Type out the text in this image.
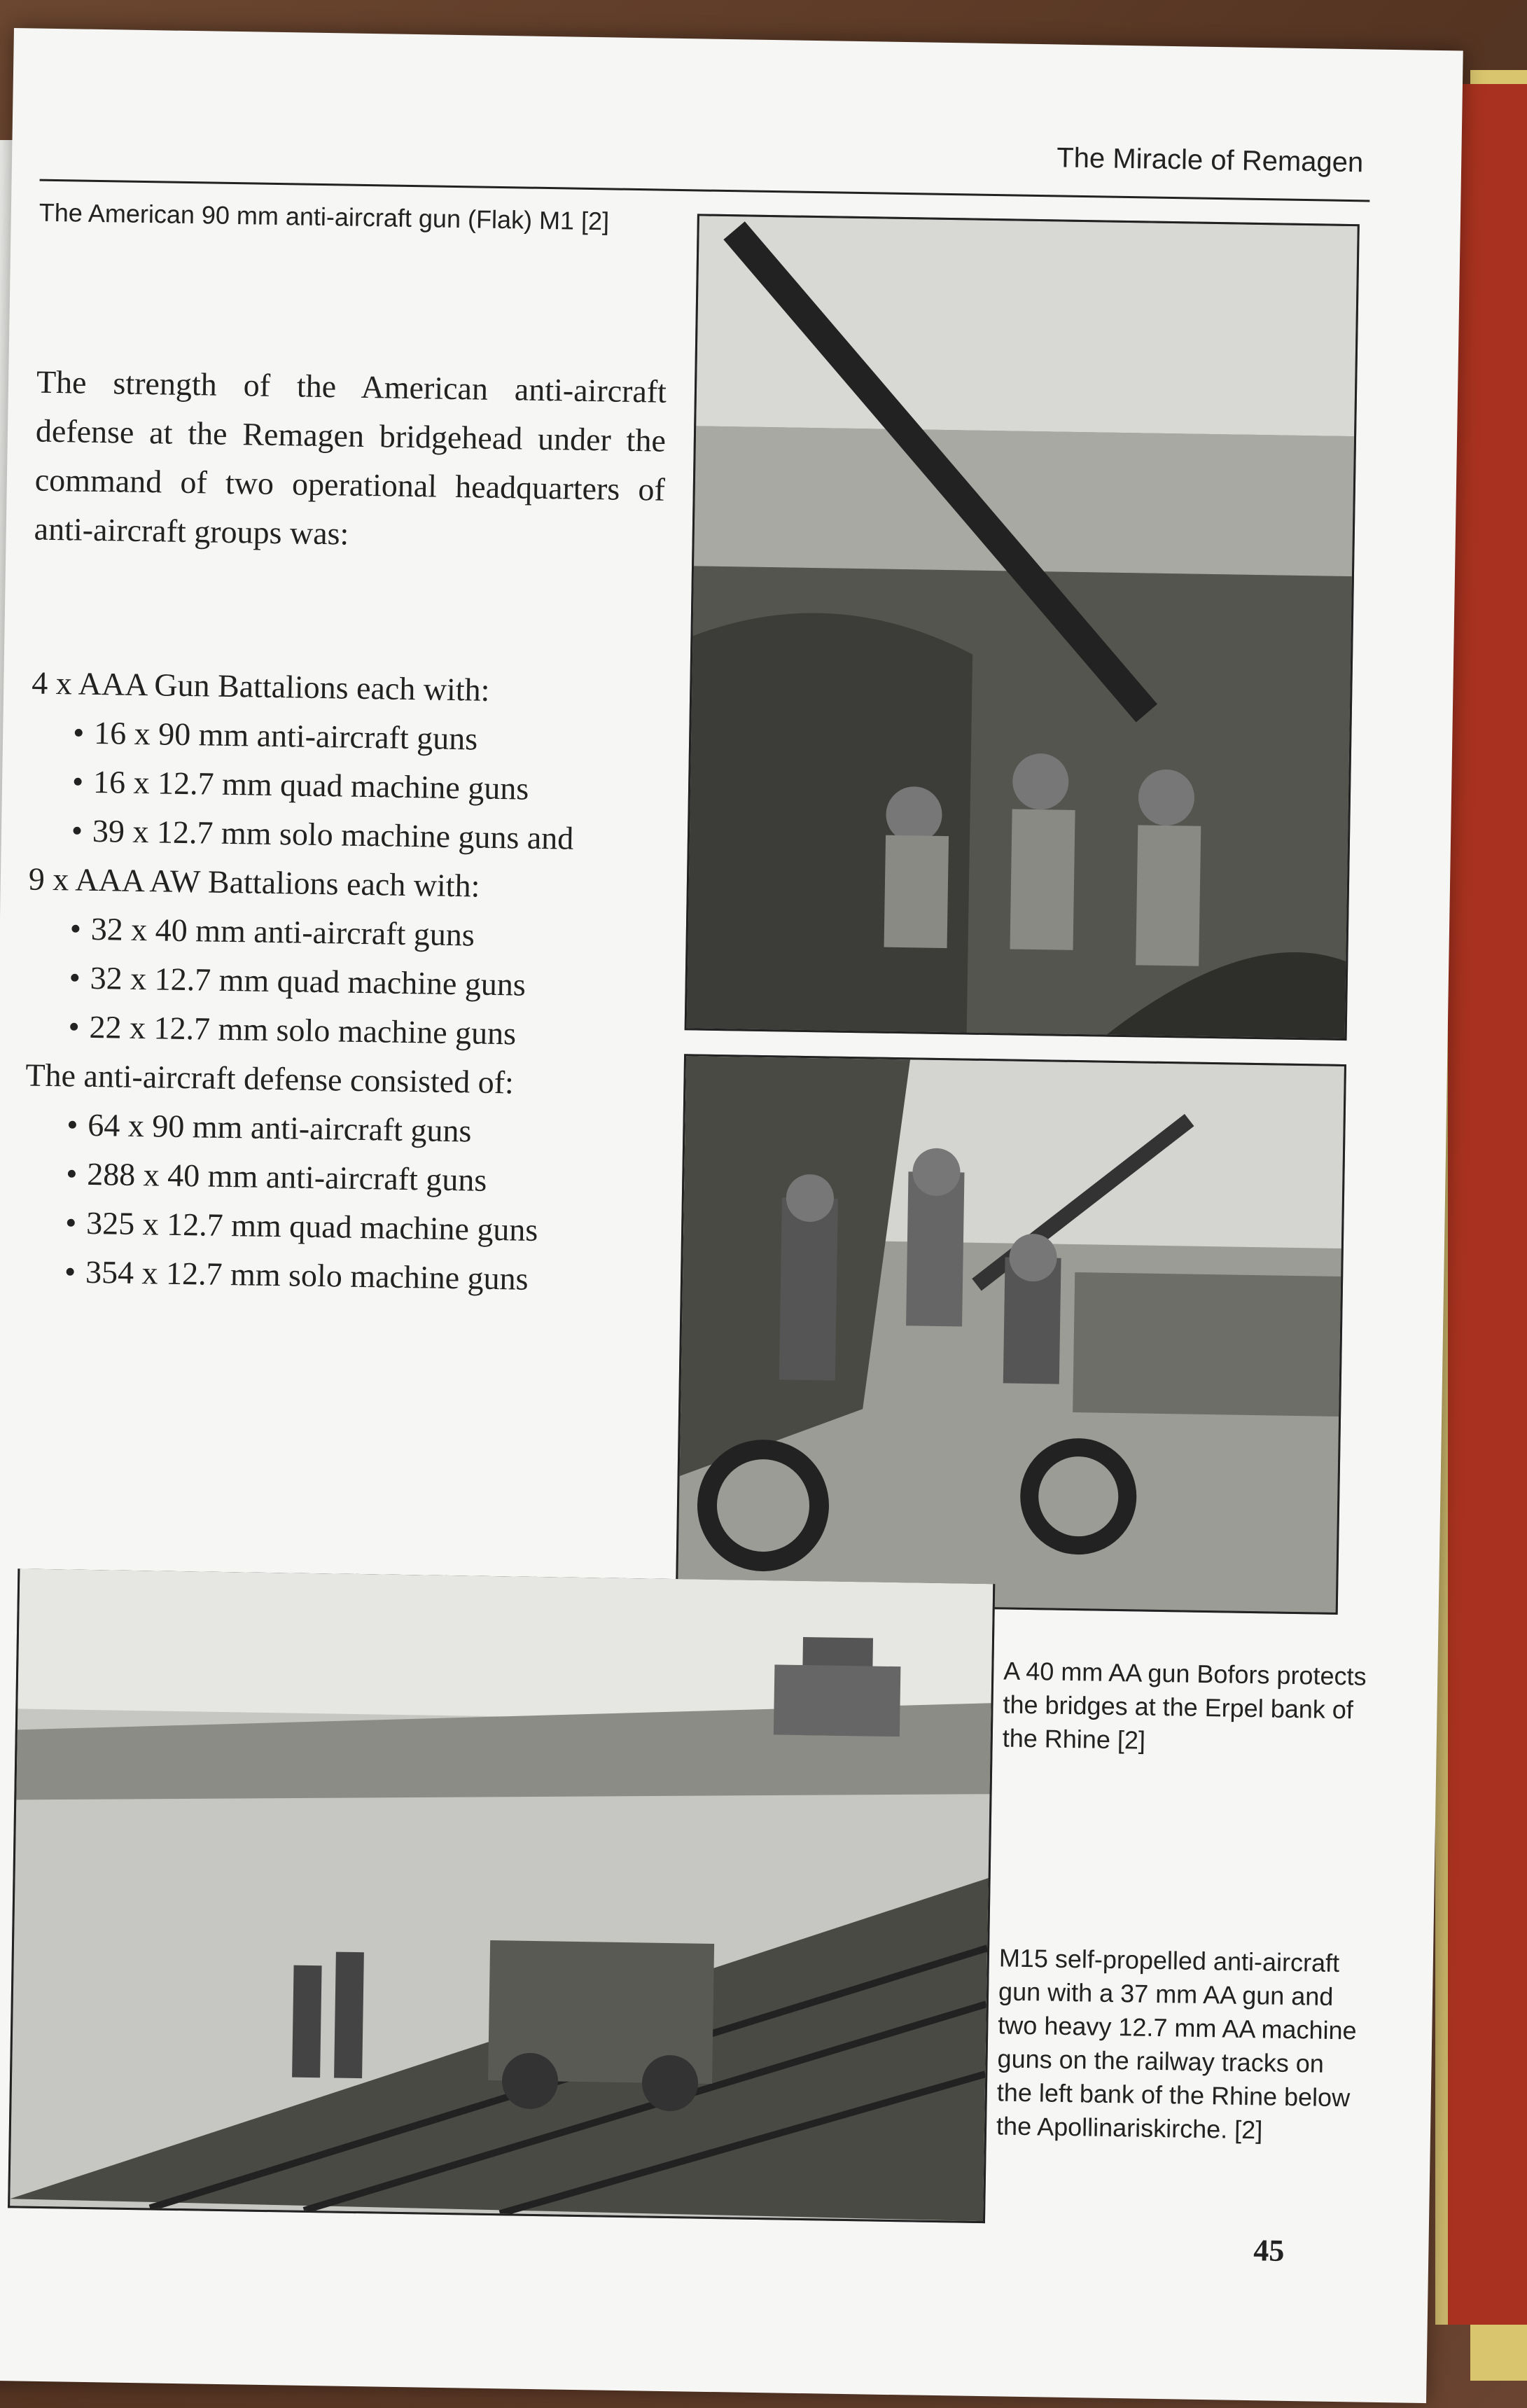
The Miracle of Remagen
The American 90 mm anti-aircraft gun (Flak) M1 [2]
The strength of the American anti-aircraft defense at the Remagen bridgehead under the command of two operational headquarters of anti-aircraft groups was:

4 x AAA Gun Battalions each with:

• 16 x 90 mm anti-aircraft guns
• 16 x 12.7 mm quad machine guns
• 39 x 12.7 mm solo machine guns and

9 x AAA AW Battalions each with:

• 32 x 40 mm anti-aircraft guns
• 32 x 12.7 mm quad machine guns
• 22 x 12.7 mm solo machine guns

The anti-aircraft defense consisted of:

• 64 x 90 mm anti-aircraft guns
• 288 x 40 mm anti-aircraft guns
• 325 x 12.7 mm quad machine guns
• 354 x 12.7 mm solo machine guns
A 40 mm AA gun Bofors protects the bridges at the Erpel bank of the Rhine [2]
M15 self-propelled anti-aircraft gun with a 37 mm AA gun and two heavy 12.7 mm AA machine guns on the railway tracks on the left bank of the Rhine below the Apollinariskirche. [2]
45
